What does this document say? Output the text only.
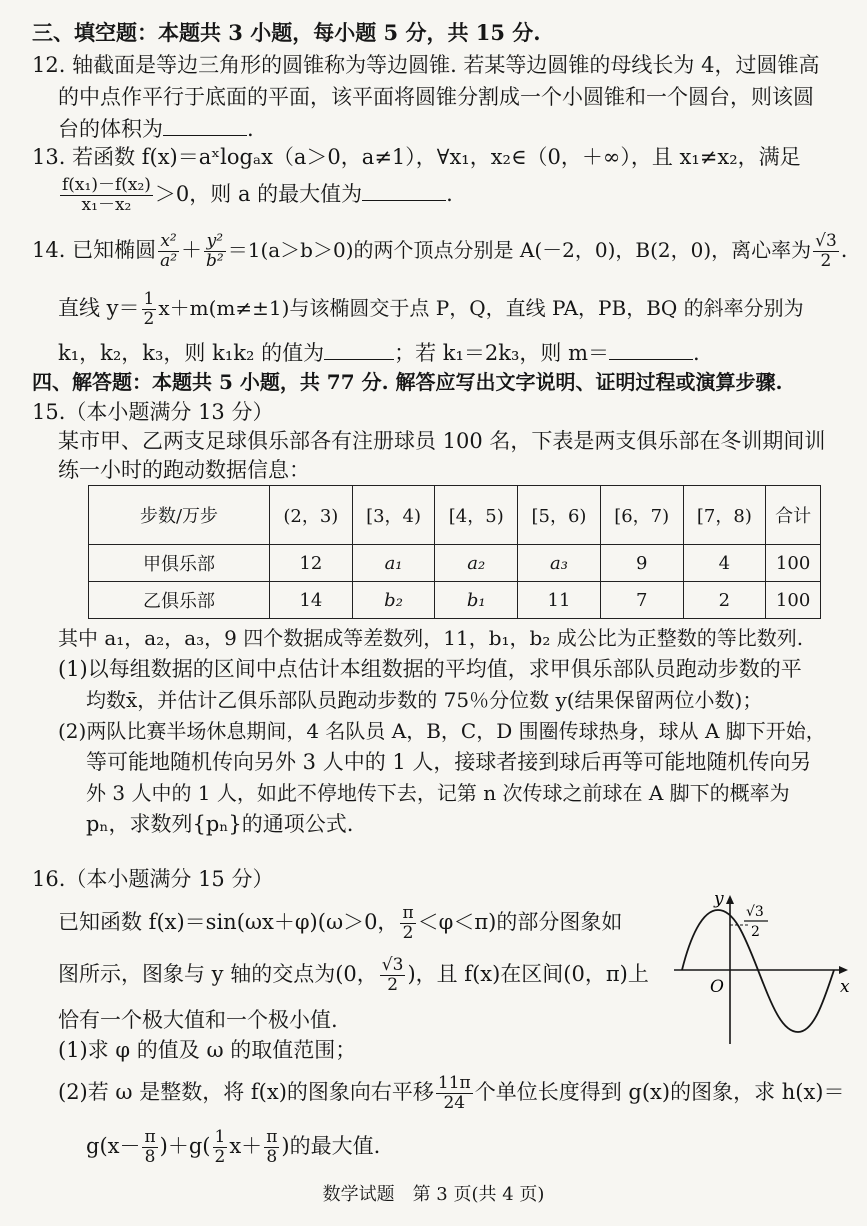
三、填空题：本题共 3 小题，每小题 5 分，共 15 分.
12. 轴截面是等边三角形的圆锥称为等边圆锥. 若某等边圆锥的母线长为 4，过圆锥高
的中点作平行于底面的平面，该平面将圆锥分割成一个小圆锥和一个圆台，则该圆
台的体积为	.
13. 若函数 f(x)＝aˣlogₐx（a＞0，a≠1），∀x₁，x₂∈（0，＋∞），且 x₁≠x₂，满足
$\frac{\text{f(x₁)－f(x₂)}}{\text{x₁－x₂}} >0$，则 a 的最大值为	.
14. 已知椭圆 $\frac{\text{x²}}{\text{a²}} + \frac{\text{y²}}{\text{b²}} =1(a>b>0)$的两个顶点分别是 A(－2，0)，B(2，0)，离心率为 $\frac{√3}{2}$ .
直线 $y= \frac{1}{2} x+m(m\ne\pm 1)$与该椭圆交于点 P，Q，直线 PA，PB，BQ 的斜率分别为
k₁，k₂，k₃，则 k₁k₂ 的值为	；若 k₁＝2k₃，则 m＝	.
四、解答题：本题共 5 小题，共 77 分. 解答应写出文字说明、证明过程或演算步骤.
15.（本小题满分 13 分）
某市甲、乙两支足球俱乐部各有注册球员 100 名，下表是两支俱乐部在冬训期间训
练一小时的跑动数据信息：
步数/万步	(2，3)	[3，4)	[4，5)	[5，6)	[6，7)	[7，8)	合计
甲俱乐部	12	a₁	a₂	a₃	9	4	100
乙俱乐部	14	b₂	b₁	11	7	2	100
其中 a₁，a₂，a₃，9 四个数据成等差数列，11，b₁，b₂ 成公比为正整数的等比数列.
(1)以每组数据的区间中点估计本组数据的平均值，求甲俱乐部队员跑动步数的平
均数x̄，并估计乙俱乐部队员跑动步数的 75％分位数 y(结果保留两位小数)；
(2)两队比赛半场休息期间，4 名队员 A，B，C，D 围圈传球热身，球从 A 脚下开始，
等可能地随机传向另外 3 人中的 1 人，接球者接到球后再等可能地随机传向另
外 3 人中的 1 人，如此不停地传下去，记第 n 次传球之前球在 A 脚下的概率为
pₙ，求数列{pₙ}的通项公式.
16.（本小题满分 15 分）
已知函数 f(x)＝sin(ωx＋φ)(ω＞0， $\frac{\pi}{2} <\varphi<\pi$)的部分图象如
图所示，图象与 y 轴的交点为(0， $\frac{√3}{2}$ )，且 f(x)在区间(0，π)上
恰有一个极大值和一个极小值.
(1)求 φ 的值及 ω 的取值范围；
(2)若 ω 是整数，将 f(x)的图象向右平移 $\frac{11\pi}{24}$ 个单位长度得到 g(x)的图象，求 h(x)＝
$g(x- \frac{\pi}{8} )+g( \frac{1}{2} x+ \frac{\pi}{8}$ )的最大值.
y
x
O
√3
2
数学试题　第 3 页(共 4 页)
